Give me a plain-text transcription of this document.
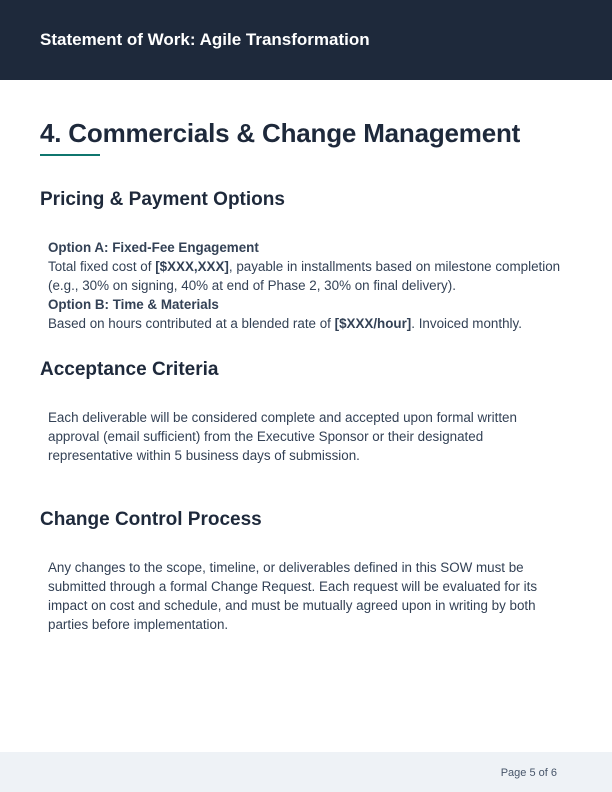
Statement of Work: Agile Transformation
4. Commercials & Change Management
Pricing & Payment Options

Option A: Fixed-Fee Engagement

Total fixed cost of [$XXX,XXX], payable in installments based on milestone completion (e.g., 30% on signing, 40% at end of Phase 2, 30% on final delivery).

Option B: Time & Materials

Based on hours contributed at a blended rate of [$XXX/hour]. Invoiced monthly.

Acceptance Criteria

Each deliverable will be considered complete and accepted upon formal written approval (email sufficient) from the Executive Sponsor or their designated representative within 5 business days of submission.

Change Control Process

Any changes to the scope, timeline, or deliverables defined in this SOW must be submitted through a formal Change Request. Each request will be evaluated for its impact on cost and schedule, and must be mutually agreed upon in writing by both parties before implementation.

Page 5 of 6
